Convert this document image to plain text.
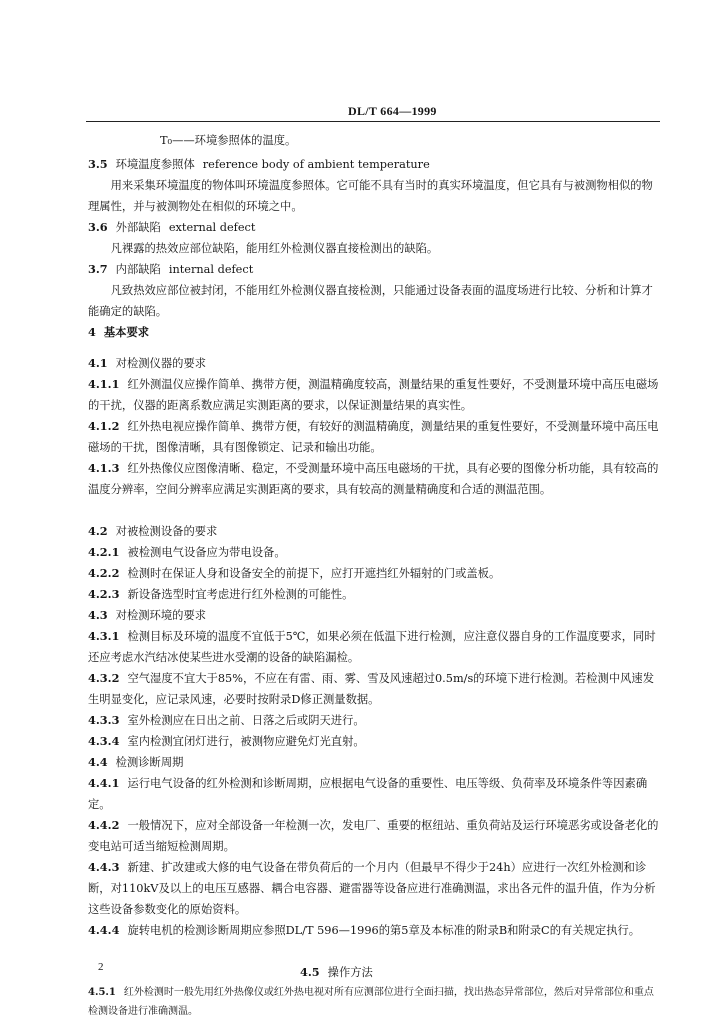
DL/T 664—1999

T₀——环境参照体的温度。

3.5 环境温度参照体 reference body of ambient temperature

用来采集环境温度的物体叫环境温度参照体。它可能不具有当时的真实环境温度，但它具有与被测物相似的物理属性，并与被测物处在相似的环境之中。

3.6 外部缺陷 external defect

凡裸露的热效应部位缺陷，能用红外检测仪器直接检测出的缺陷。

3.7 内部缺陷 internal defect

凡致热效应部位被封闭，不能用红外检测仪器直接检测，只能通过设备表面的温度场进行比较、分析和计算才能确定的缺陷。

4 基本要求

4.1 对检测仪器的要求

4.1.1 红外测温仪应操作简单、携带方便，测温精确度较高，测量结果的重复性要好，不受测量环境中高压电磁场的干扰，仪器的距离系数应满足实测距离的要求，以保证测量结果的真实性。

4.1.2 红外热电视应操作简单、携带方便，有较好的测温精确度，测量结果的重复性要好，不受测量环境中高压电磁场的干扰，图像清晰，具有图像锁定、记录和输出功能。

4.1.3 红外热像仪应图像清晰、稳定，不受测量环境中高压电磁场的干扰，具有必要的图像分析功能，具有较高的温度分辨率，空间分辨率应满足实测距离的要求，具有较高的测量精确度和合适的测温范围。

4.2 对被检测设备的要求

4.2.1 被检测电气设备应为带电设备。

4.2.2 检测时在保证人身和设备安全的前提下，应打开遮挡红外辐射的门或盖板。

4.2.3 新设备选型时宜考虑进行红外检测的可能性。

4.3 对检测环境的要求

4.3.1 检测目标及环境的温度不宜低于5℃，如果必须在低温下进行检测，应注意仪器自身的工作温度要求，同时还应考虑水汽结冰使某些进水受潮的设备的缺陷漏检。

4.3.2 空气湿度不宜大于85%，不应在有雷、雨、雾、雪及风速超过0.5m/s的环境下进行检测。若检测中风速发生明显变化，应记录风速，必要时按附录D修正测量数据。

4.3.3 室外检测应在日出之前、日落之后或阴天进行。

4.3.4 室内检测宜闭灯进行，被测物应避免灯光直射。

4.4 检测诊断周期

4.4.1 运行电气设备的红外检测和诊断周期，应根据电气设备的重要性、电压等级、负荷率及环境条件等因素确定。

4.4.2 一般情况下，应对全部设备一年检测一次，发电厂、重要的枢纽站、重负荷站及运行环境恶劣或设备老化的变电站可适当缩短检测周期。

4.4.3 新建、扩改建或大修的电气设备在带负荷后的一个月内（但最早不得少于24h）应进行一次红外检测和诊断，对110kV及以上的电压互感器、耦合电容器、避雷器等设备应进行准确测温，求出各元件的温升值，作为分析这些设备参数变化的原始资料。

4.4.4 旋转电机的检测诊断周期应参照DL/T 596—1996的第5章及本标准的附录B和附录C的有关规定执行。

4.5 操作方法

4.5.1 红外检测时一般先用红外热像仪或红外热电视对所有应测部位进行全面扫描，找出热态异常部位，然后对异常部位和重点检测设备进行准确测温。

2
